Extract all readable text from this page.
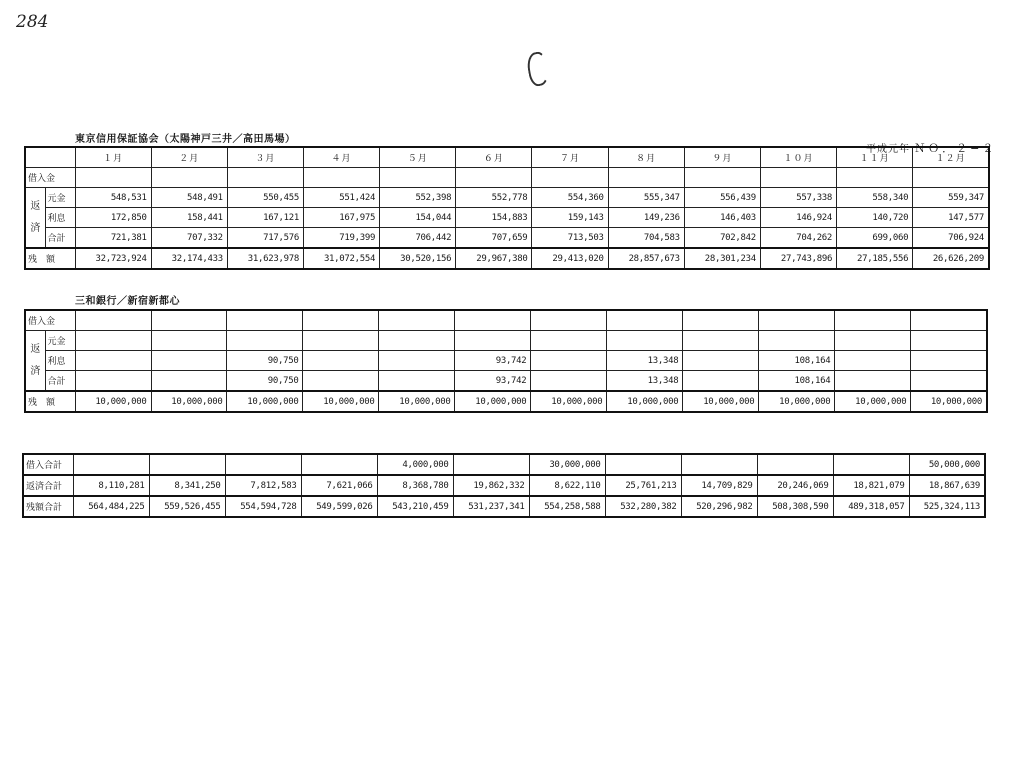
284
東京信用保証協会（太陽神戸三井／高田馬場）
平成元年 ＮＯ．２−２
		１月	２月	３月	４月	５月	６月	７月	８月	９月	１０月	１１月	１２月
借入金													
返
済	元金	548,531	548,491	550,455	551,424	552,398	552,778	554,360	555,347	556,439	557,338	558,340	559,347
	利息	172,850	158,441	167,121	167,975	154,044	154,883	159,143	149,236	146,403	146,924	140,720	147,577
	合計	721,381	707,332	717,576	719,399	706,442	707,659	713,503	704,583	702,842	704,262	699,060	706,924
残　額		32,723,924	32,174,433	31,623,978	31,072,554	30,520,156	29,967,380	29,413,020	28,857,673	28,301,234	27,743,896	27,185,556	26,626,209
三和銀行／新宿新都心
借入金													
返
済	元金												
	利息			90,750			93,742		13,348		108,164		
	合計			90,750			93,742		13,348		108,164		
残　額		10,000,000	10,000,000	10,000,000	10,000,000	10,000,000	10,000,000	10,000,000	10,000,000	10,000,000	10,000,000	10,000,000	10,000,000
借入合計					4,000,000		30,000,000					50,000,000
返済合計	8,110,281	8,341,250	7,812,583	7,621,066	8,368,780	19,862,332	8,622,110	25,761,213	14,709,829	20,246,069	18,821,079	18,867,639
残額合計	564,484,225	559,526,455	554,594,728	549,599,026	543,210,459	531,237,341	554,258,588	532,280,382	520,296,982	508,308,590	489,318,057	525,324,113
